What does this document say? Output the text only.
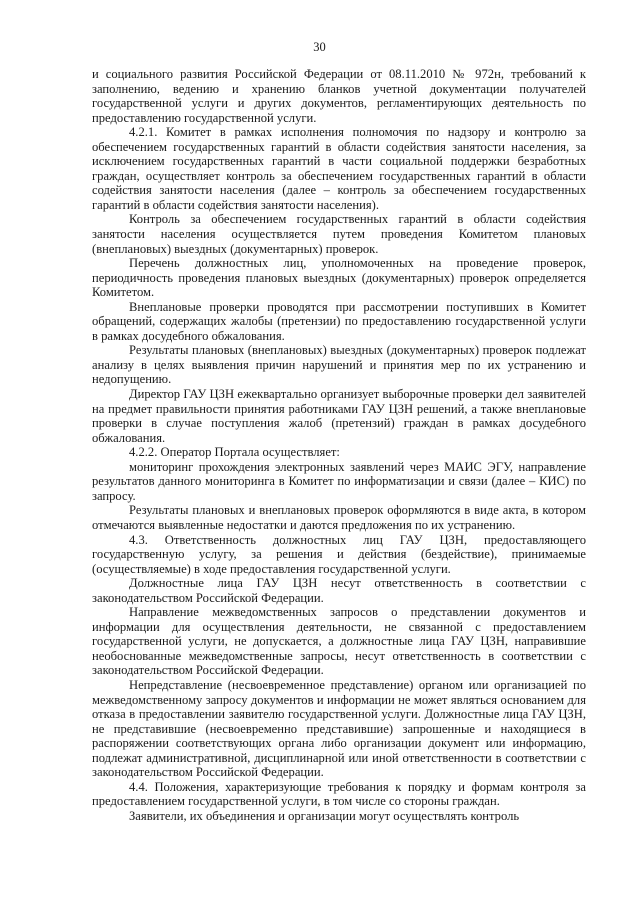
30

и социального развития Российской Федерации от 08.11.2010 № 972н, требований к заполнению, ведению и хранению бланков учетной документации получателей государственной услуги и других документов, регламентирующих деятельность по предоставлению государственной услуги.

4.2.1. Комитет в рамках исполнения полномочия по надзору и контролю за обеспечением государственных гарантий в области содействия занятости населения, за исключением государственных гарантий в части социальной поддержки безработных граждан, осуществляет контроль за обеспечением государственных гарантий в области содействия занятости населения (далее – контроль за обеспечением государственных гарантий в области содействия занятости населения).

Контроль за обеспечением государственных гарантий в области содействия занятости населения осуществляется путем проведения Комитетом плановых (внеплановых) выездных (документарных) проверок.

Перечень должностных лиц, уполномоченных на проведение проверок, периодичность проведения плановых выездных (документарных) проверок определяется Комитетом.

Внеплановые проверки проводятся при рассмотрении поступивших в Комитет обращений, содержащих жалобы (претензии) по предоставлению государственной услуги в рамках досудебного обжалования.

Результаты плановых (внеплановых) выездных (документарных) проверок подлежат анализу в целях выявления причин нарушений и принятия мер по их устранению и недопущению.

Директор ГАУ ЦЗН ежеквартально организует выборочные проверки дел заявителей на предмет правильности принятия работниками ГАУ ЦЗН решений, а также внеплановые проверки в случае поступления жалоб (претензий) граждан в рамках досудебного обжалования.

4.2.2. Оператор Портала осуществляет:

мониторинг прохождения электронных заявлений через МАИС ЭГУ, направление результатов данного мониторинга в Комитет по информатизации и связи (далее – КИС) по запросу.

Результаты плановых и внеплановых проверок оформляются в виде акта, в котором отмечаются выявленные недостатки и даются предложения по их устранению.

4.3. Ответственность должностных лиц ГАУ ЦЗН, предоставляющего государственную услугу, за решения и действия (бездействие), принимаемые (осуществляемые) в ходе предоставления государственной услуги.

Должностные лица ГАУ ЦЗН несут ответственность в соответствии с законодательством Российской Федерации.

Направление межведомственных запросов о представлении документов и информации для осуществления деятельности, не связанной с предоставлением государственной услуги, не допускается, а должностные лица ГАУ ЦЗН, направившие необоснованные межведомственные запросы, несут ответственность в соответствии с законодательством Российской Федерации.

Непредставление (несвоевременное представление) органом или организацией по межведомственному запросу документов и информации не может являться основанием для отказа в предоставлении заявителю государственной услуги. Должностные лица ГАУ ЦЗН, не представившие (несвоевременно представившие) запрошенные и находящиеся в распоряжении соответствующих органа либо организации документ или информацию, подлежат административной, дисциплинарной или иной ответственности в соответствии с законодательством Российской Федерации.

4.4. Положения, характеризующие требования к порядку и формам контроля за предоставлением государственной услуги, в том числе со стороны граждан.

Заявители, их объединения и организации могут осуществлять контроль
